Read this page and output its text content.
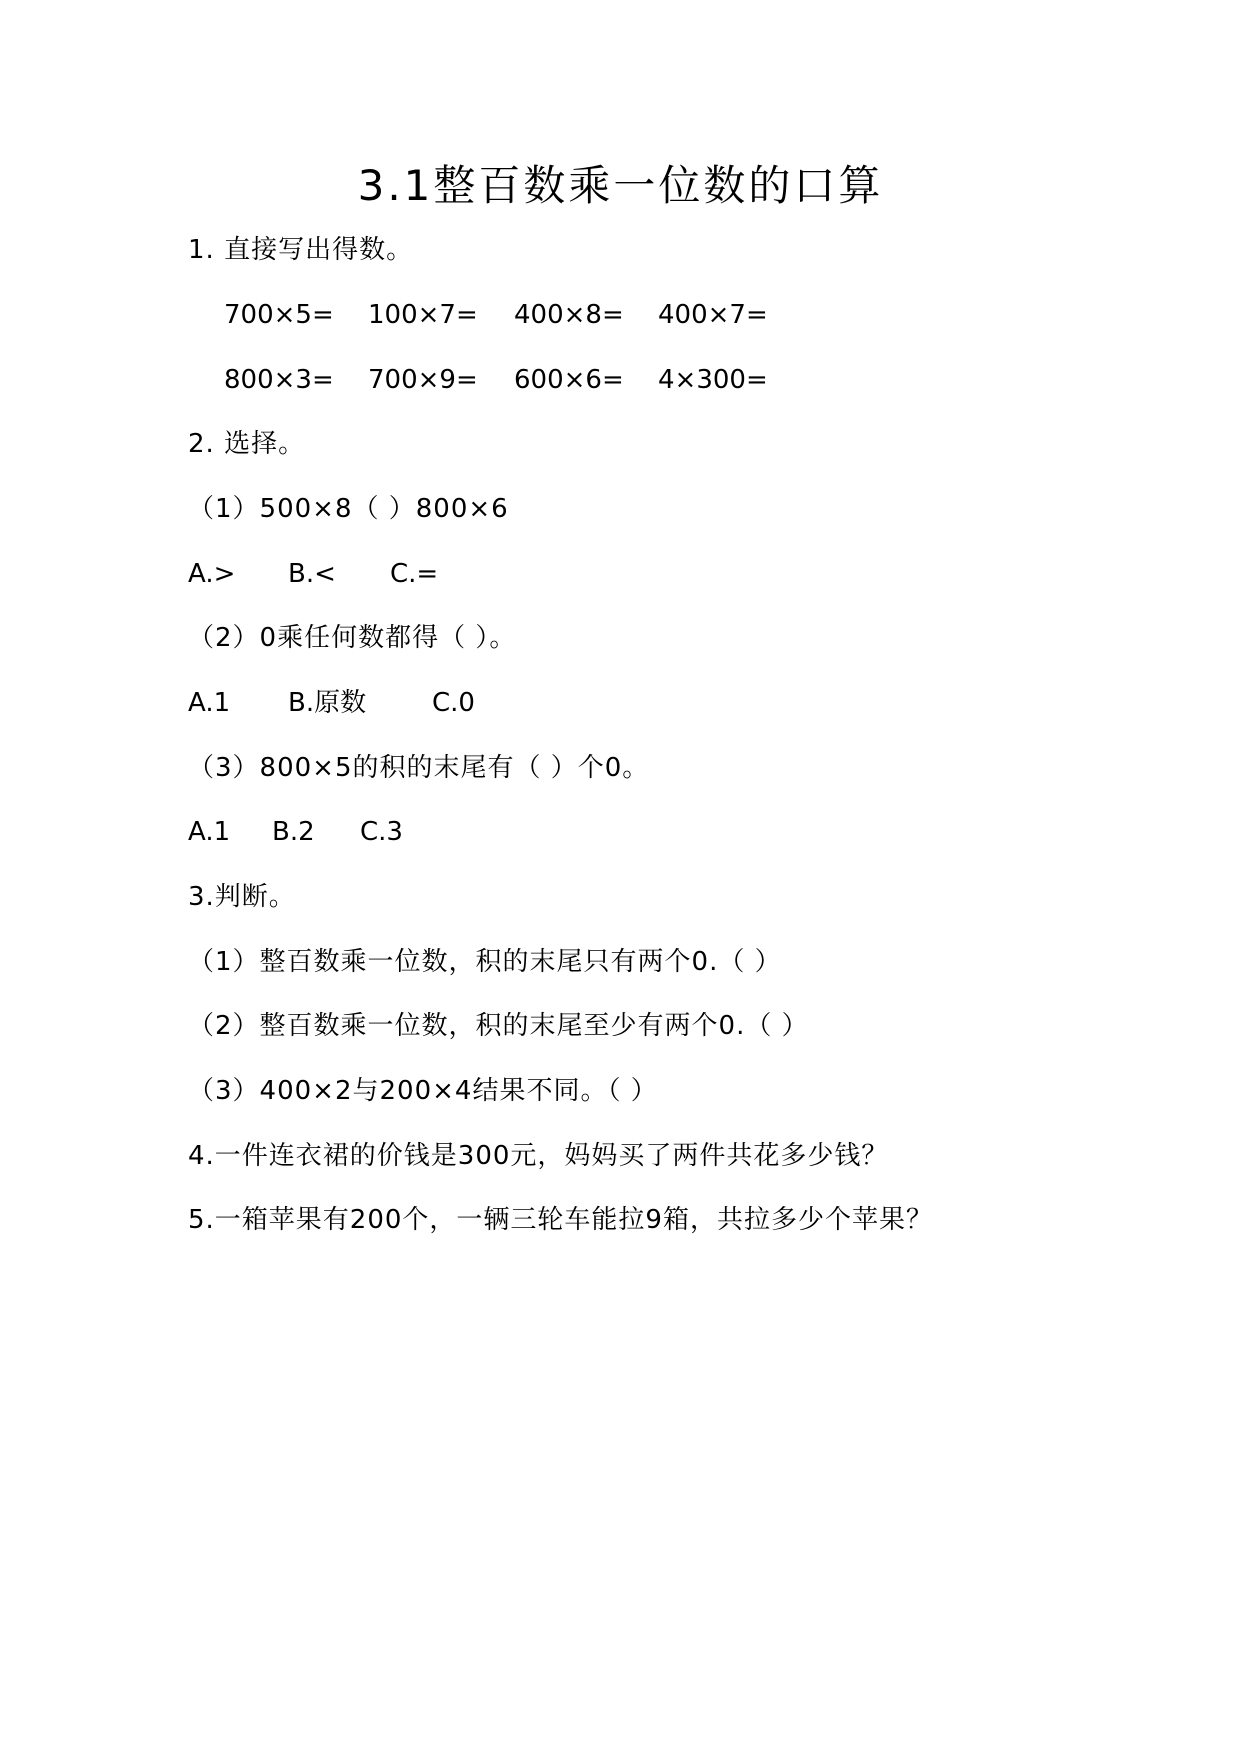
3.1整百数乘一位数的口算
1. 直接写出得数。
700×5= 100×7= 400×8= 400×7=
800×3= 700×9= 600×6= 4×300=
2. 选择。
（1）500×8（ ）800×6
A.> B.< C.=
（2）0乘任何数都得（ ）。
A.1 B.原数	C.0
（3）800×5的积的末尾有（ ）个0。
A.1 B.2 C.3
3.判断。
（1）整百数乘一位数，积的末尾只有两个0.（ ）
（2）整百数乘一位数，积的末尾至少有两个0.（ ）
（3）400×2与200×4结果不同。（ ）
4.一件连衣裙的价钱是300元，妈妈买了两件共花多少钱？
5.一箱苹果有200个，一辆三轮车能拉9箱，共拉多少个苹果？
